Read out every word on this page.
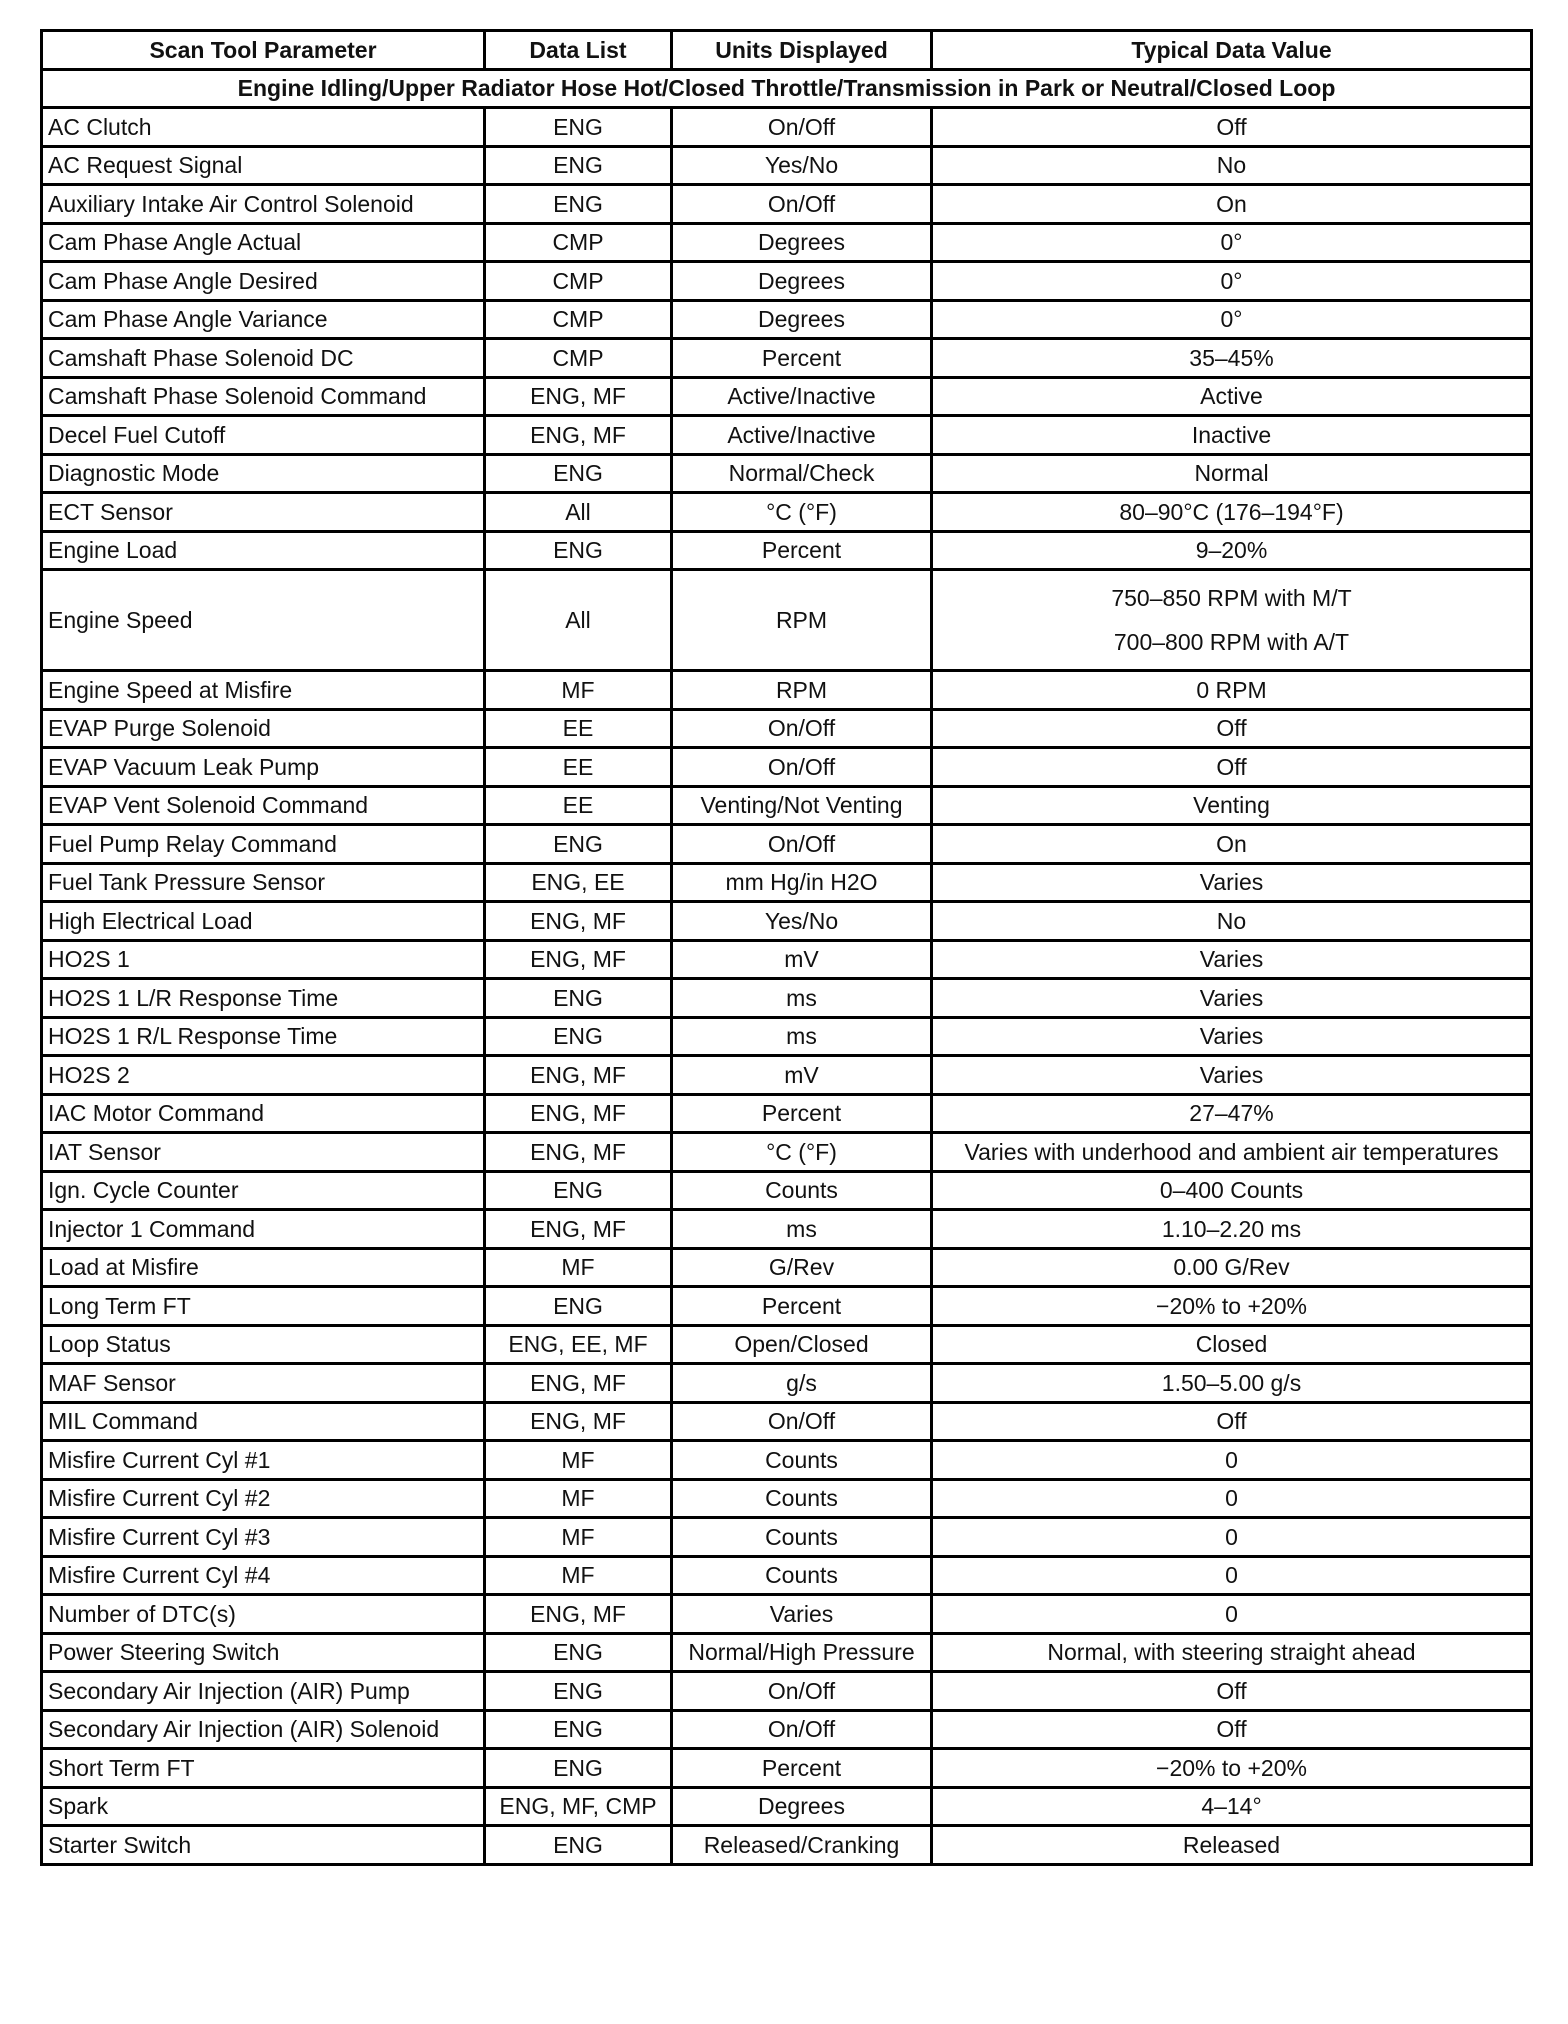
Scan Tool Parameter	Data List	Units Displayed	Typical Data Value
Engine Idling/Upper Radiator Hose Hot/Closed Throttle/Transmission in Park or Neutral/Closed Loop			
AC Clutch	ENG	On/Off	Off
AC Request Signal	ENG	Yes/No	No
Auxiliary Intake Air Control Solenoid	ENG	On/Off	On
Cam Phase Angle Actual	CMP	Degrees	0°
Cam Phase Angle Desired	CMP	Degrees	0°
Cam Phase Angle Variance	CMP	Degrees	0°
Camshaft Phase Solenoid DC	CMP	Percent	35–45%
Camshaft Phase Solenoid Command	ENG, MF	Active/Inactive	Active
Decel Fuel Cutoff	ENG, MF	Active/Inactive	Inactive
Diagnostic Mode	ENG	Normal/Check	Normal
ECT Sensor	All	°C (°F)	80–90°C (176–194°F)
Engine Load	ENG	Percent	9–20%
Engine Speed	All	RPM	750–850 RPM with M/T
700–800 RPM with A/T

Engine Speed at Misfire	MF	RPM	0 RPM
EVAP Purge Solenoid	EE	On/Off	Off
EVAP Vacuum Leak Pump	EE	On/Off	Off
EVAP Vent Solenoid Command	EE	Venting/Not Venting	Venting
Fuel Pump Relay Command	ENG	On/Off	On
Fuel Tank Pressure Sensor	ENG, EE	mm Hg/in H2O	Varies
High Electrical Load	ENG, MF	Yes/No	No
HO2S 1	ENG, MF	mV	Varies
HO2S 1 L/R Response Time	ENG	ms	Varies
HO2S 1 R/L Response Time	ENG	ms	Varies
HO2S 2	ENG, MF	mV	Varies
IAC Motor Command	ENG, MF	Percent	27–47%
IAT Sensor	ENG, MF	°C (°F)	Varies with underhood and ambient air temperatures
Ign. Cycle Counter	ENG	Counts	0–400 Counts
Injector 1 Command	ENG, MF	ms	1.10–2.20 ms
Load at Misfire	MF	G/Rev	0.00 G/Rev
Long Term FT	ENG	Percent	−20% to +20%
Loop Status	ENG, EE, MF	Open/Closed	Closed
MAF Sensor	ENG, MF	g/s	1.50–5.00 g/s
MIL Command	ENG, MF	On/Off	Off
Misfire Current Cyl #1	MF	Counts	0
Misfire Current Cyl #2	MF	Counts	0
Misfire Current Cyl #3	MF	Counts	0
Misfire Current Cyl #4	MF	Counts	0
Number of DTC(s)	ENG, MF	Varies	0
Power Steering Switch	ENG	Normal/High Pressure	Normal, with steering straight ahead
Secondary Air Injection (AIR) Pump	ENG	On/Off	Off
Secondary Air Injection (AIR) Solenoid	ENG	On/Off	Off
Short Term FT	ENG	Percent	−20% to +20%
Spark	ENG, MF, CMP	Degrees	4–14°
Starter Switch	ENG	Released/Cranking	Released
